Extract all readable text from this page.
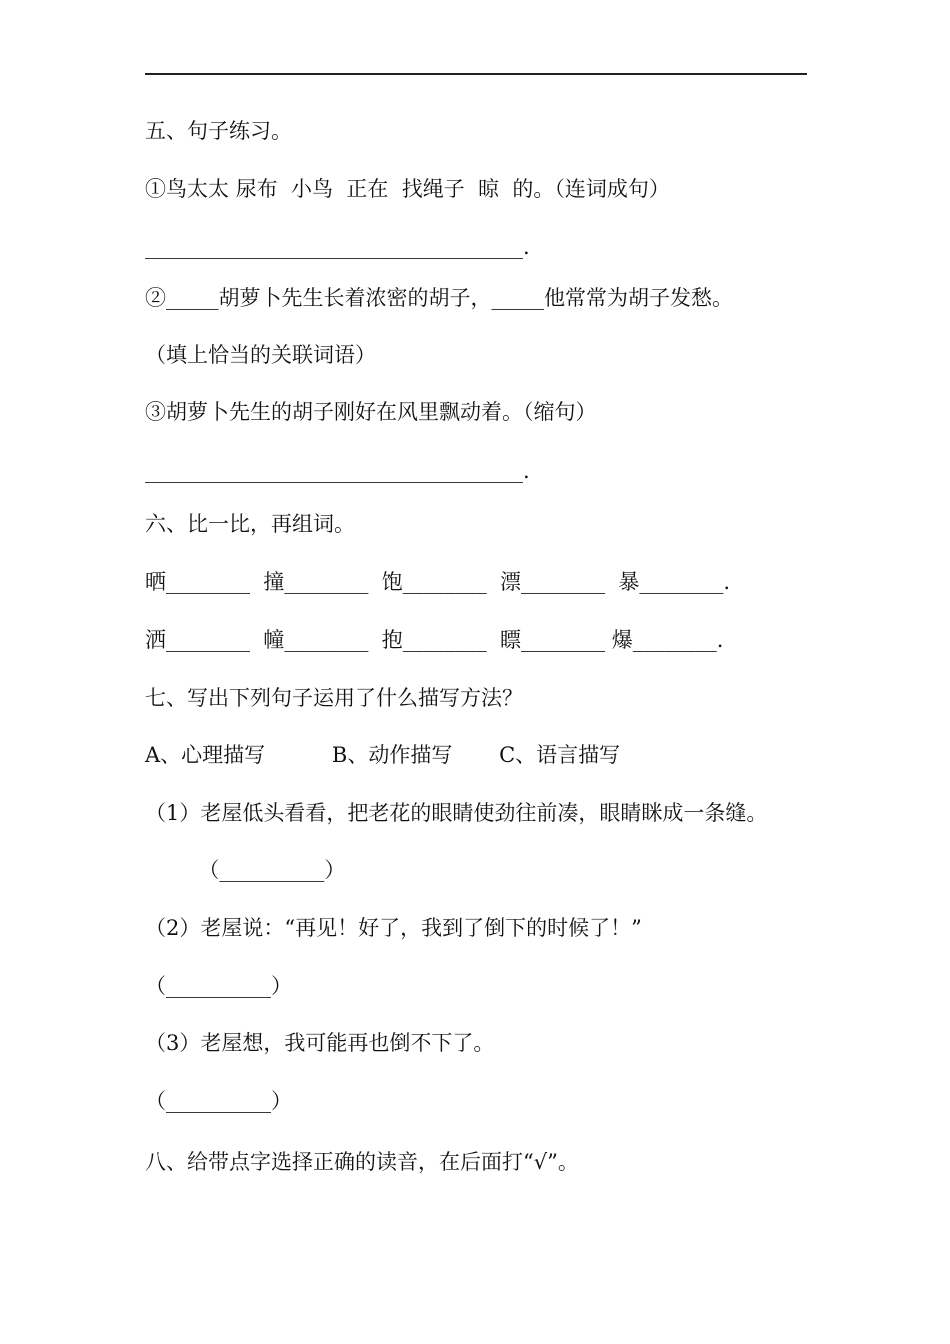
五、句子练习。
①鸟太太 尿布  小鸟  正在  找绳子  晾  的。（连词成句）
____________________________________.
②_____胡萝卜先生长着浓密的胡子，_____他常常为胡子发愁。
（填上恰当的关联词语）
③胡萝卜先生的胡子刚好在风里飘动着。（缩句）
____________________________________.
六、比一比，再组词。
晒________  撞________  饱________  漂________  暴________.
洒________  幢________  抱________  瞟________ 爆________.
七、写出下列句子运用了什么描写方法？
A、心理描写          B、动作描写       C、语言描写
（1）老屋低头看看，把老花的眼睛使劲往前凑，眼睛眯成一条缝。
（__________）
（2）老屋说：“再见！好了，我到了倒下的时候了！”
（__________）
（3）老屋想，我可能再也倒不下了。
（__________）
八、给带点字选择正确的读音，在后面打“√”。
